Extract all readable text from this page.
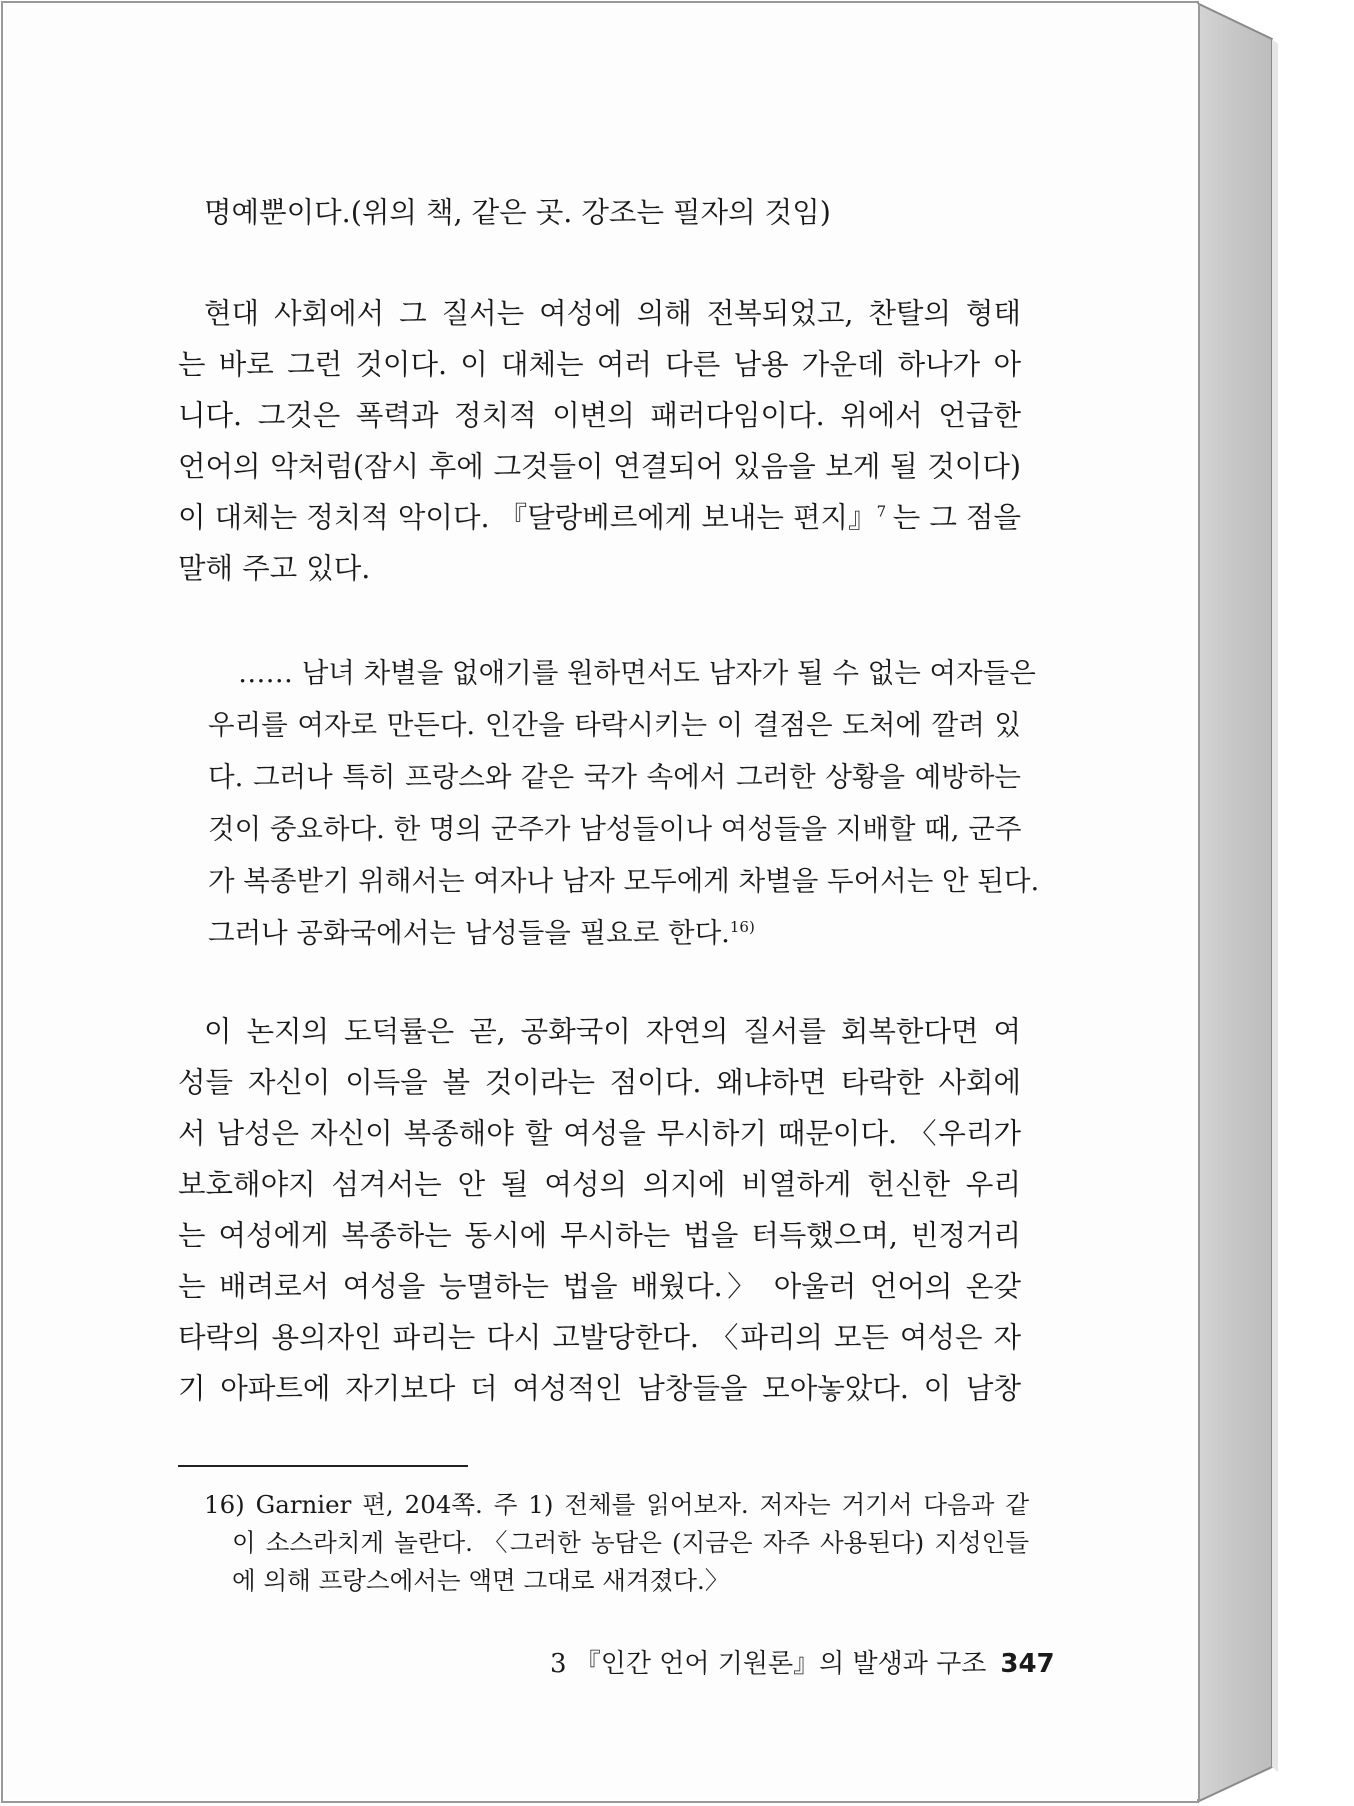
명예뿐이다.(위의 책, 같은 곳. 강조는 필자의 것임)
현대 사회에서 그 질서는 여성에 의해 전복되었고, 찬탈의 형태
는 바로 그런 것이다. 이 대체는 여러 다른 남용 가운데 하나가 아
니다. 그것은 폭력과 정치적 이변의 패러다임이다. 위에서 언급한
언어의 악처럼(잠시 후에 그것들이 연결되어 있음을 보게 될 것이다)
이 대체는 정치적 악이다. 『달랑베르에게 보내는 편지』$^7$ 는 그 점을
말해 주고 있다.
…… 남녀 차별을 없애기를 원하면서도 남자가 될 수 없는 여자들은
우리를 여자로 만든다. 인간을 타락시키는 이 결점은 도처에 깔려 있
다. 그러나 특히 프랑스와 같은 국가 속에서 그러한 상황을 예방하는
것이 중요하다. 한 명의 군주가 남성들이나 여성들을 지배할 때, 군주
가 복종받기 위해서는 여자나 남자 모두에게 차별을 두어서는 안 된다.
그러나 공화국에서는 남성들을 필요로 한다.$^{16)}$
이 논지의 도덕률은 곧, 공화국이 자연의 질서를 회복한다면 여
성들 자신이 이득을 볼 것이라는 점이다. 왜냐하면 타락한 사회에
서 남성은 자신이 복종해야 할 여성을 무시하기 때문이다. 〈우리가
보호해야지 섬겨서는 안 될 여성의 의지에 비열하게 헌신한 우리
는 여성에게 복종하는 동시에 무시하는 법을 터득했으며, 빈정거리
는 배려로서 여성을 능멸하는 법을 배웠다.〉 아울러 언어의 온갖
타락의 용의자인 파리는 다시 고발당한다. 〈파리의 모든 여성은 자
기 아파트에 자기보다 더 여성적인 남창들을 모아놓았다. 이 남창
16) Garnier 편, 204쪽. 주 1) 전체를 읽어보자. 저자는 거기서 다음과 같
이 소스라치게 놀란다. 〈그러한 농담은 (지금은 자주 사용된다) 지성인들
에 의해 프랑스에서는 액면 그대로 새겨졌다.〉
3 『인간 언어 기원론』의 발생과 구조 347
